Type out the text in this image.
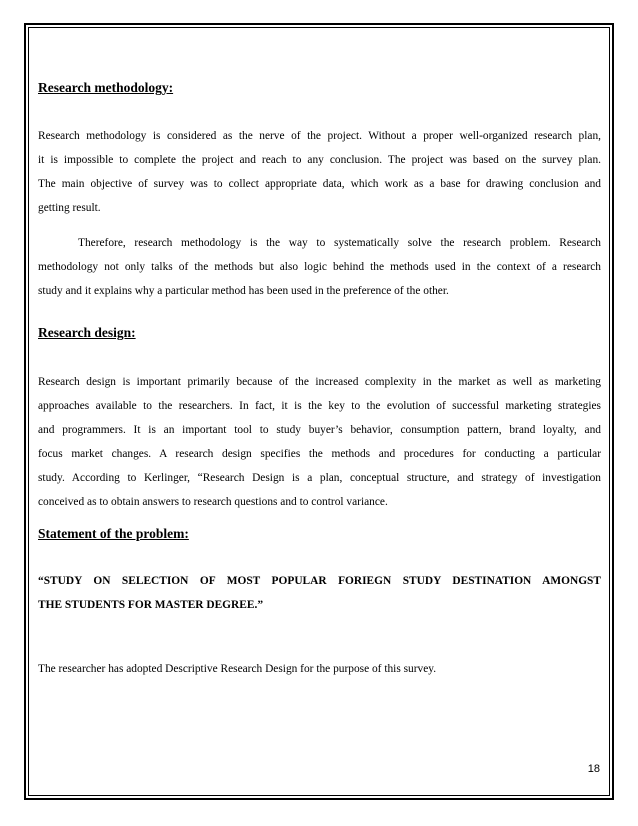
Research methodology:
Research methodology is considered as the nerve of the project. Without a proper well-organized research plan,
it is impossible to complete the project and reach to any conclusion. The project was based on the survey plan.
The main objective of survey was to collect appropriate data, which work as a base for drawing conclusion and
getting result.
Therefore, research methodology is the way to systematically solve the research problem. Research
methodology not only talks of the methods but also logic behind the methods used in the context of a research
study and it explains why a particular method has been used in the preference of the other.
Research design:
Research design is important primarily because of the increased complexity in the market as well as marketing
approaches available to the researchers. In fact, it is the key to the evolution of successful marketing strategies
and programmers. It is an important tool to study buyer’s behavior, consumption pattern, brand loyalty, and
focus market changes. A research design specifies the methods and procedures for conducting a particular
study. According to Kerlinger, “Research Design is a plan, conceptual structure, and strategy of investigation
conceived as to obtain answers to research questions and to control variance.
Statement of the problem:
“STUDY ON SELECTION OF MOST POPULAR FORIEGN STUDY DESTINATION AMONGST
THE STUDENTS FOR MASTER DEGREE.”
The researcher has adopted Descriptive Research Design for the purpose of this survey.
18
